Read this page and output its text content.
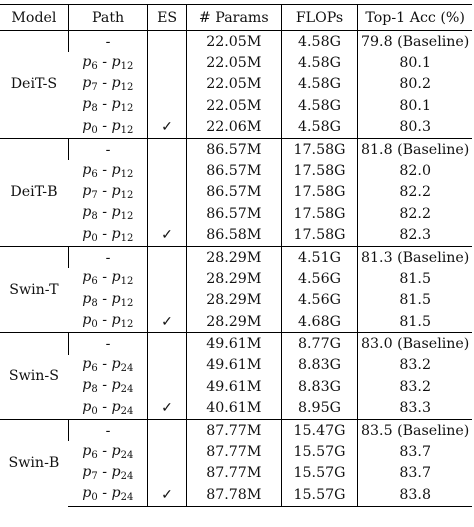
Model	Path	ES	# Params	FLOPs	Top-1 Acc (%)
DeiT-S	-		22.05M	4.58G	79.8 (Baseline)
	$p_6 - p_{12}$		22.05M	4.58G	80.1
	$p_7 - p_{12}$		22.05M	4.58G	80.2
	$p_8 - p_{12}$		22.05M	4.58G	80.1
	$p_0 - p_{12}$	✓	22.06M	4.58G	80.3
DeiT-B	-		86.57M	17.58G	81.8 (Baseline)
	$p_6 - p_{12}$		86.57M	17.58G	82.0
	$p_7 - p_{12}$		86.57M	17.58G	82.2
	$p_8 - p_{12}$		86.57M	17.58G	82.2
	$p_0 - p_{12}$	✓	86.58M	17.58G	82.3
Swin-T	-		28.29M	4.51G	81.3 (Baseline)
	$p_6 - p_{12}$		28.29M	4.56G	81.5
	$p_8 - p_{12}$		28.29M	4.56G	81.5
	$p_0 - p_{12}$	✓	28.29M	4.68G	81.5
Swin-S	-		49.61M	8.77G	83.0 (Baseline)
	$p_6 - p_{24}$		49.61M	8.83G	83.2
	$p_8 - p_{24}$		49.61M	8.83G	83.2
	$p_0 - p_{24}$	✓	40.61M	8.95G	83.3
Swin-B	-		87.77M	15.47G	83.5 (Baseline)
	$p_6 - p_{24}$		87.77M	15.57G	83.7
	$p_7 - p_{24}$		87.77M	15.57G	83.7
	$p_0 - p_{24}$	✓	87.78M	15.57G	83.8
